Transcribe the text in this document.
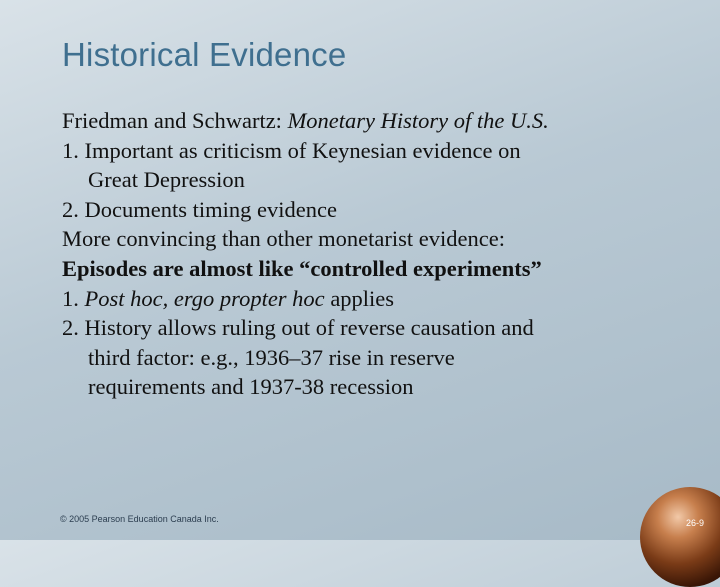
Historical Evidence
Friedman and Schwartz: Monetary History of the U.S.
1. Important as criticism of Keynesian evidence on
Great Depression
2. Documents timing evidence
More convincing than other monetarist evidence:
Episodes are almost like “controlled experiments”
1. Post hoc, ergo propter hoc applies
2. History allows ruling out of reverse causation and
third factor: e.g., 1936–37 rise in reserve
requirements and 1937-38 recession
© 2005 Pearson Education Canada Inc.	26-9
